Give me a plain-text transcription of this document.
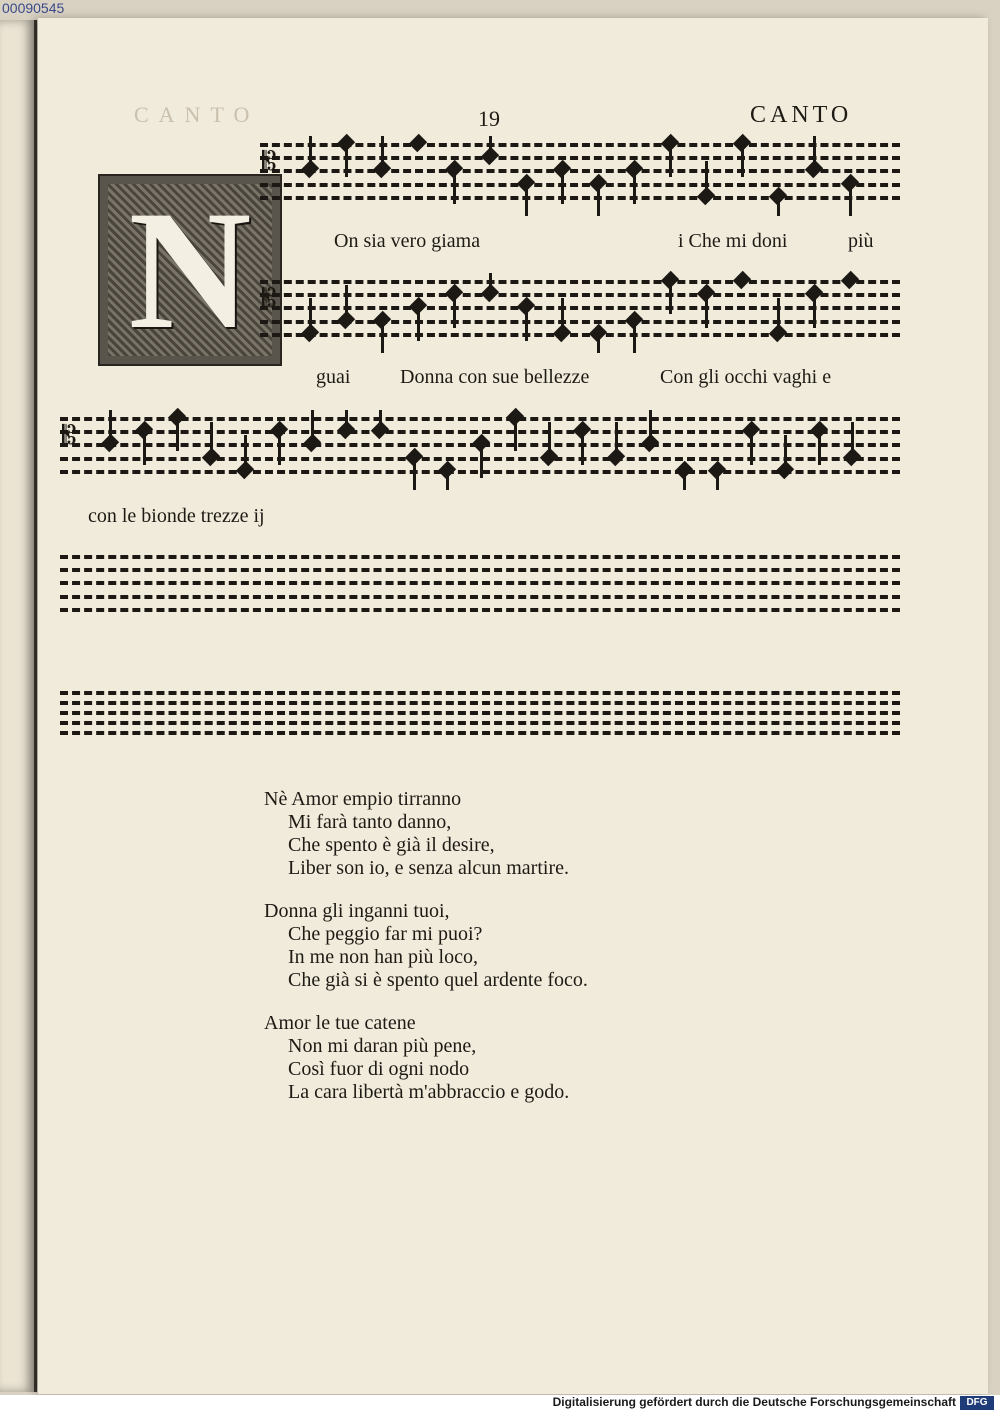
00090545
CANTO	19	CANTO
N
𝄡
On sia vero giama	i Che mi doni	più
𝄡
guai Donna con sue bellezze	Con gli occhi vaghi e
𝄡
con le bionde trezze ij
Nè Amor empio tirranno
Mi farà tanto danno,
Che spento è già il desire,
Liber son io, e senza alcun martire.
Donna gli inganni tuoi,
Che peggio far mi puoi?
In me non han più loco,
Che già si è spento quel ardente foco.
Amor le tue catene
Non mi daran più pene,
Così fuor di ogni nodo
La cara libertà m'abbraccio e godo.
Digitalisierung gefördert durch die Deutsche Forschungsgemeinschaft	DFG
